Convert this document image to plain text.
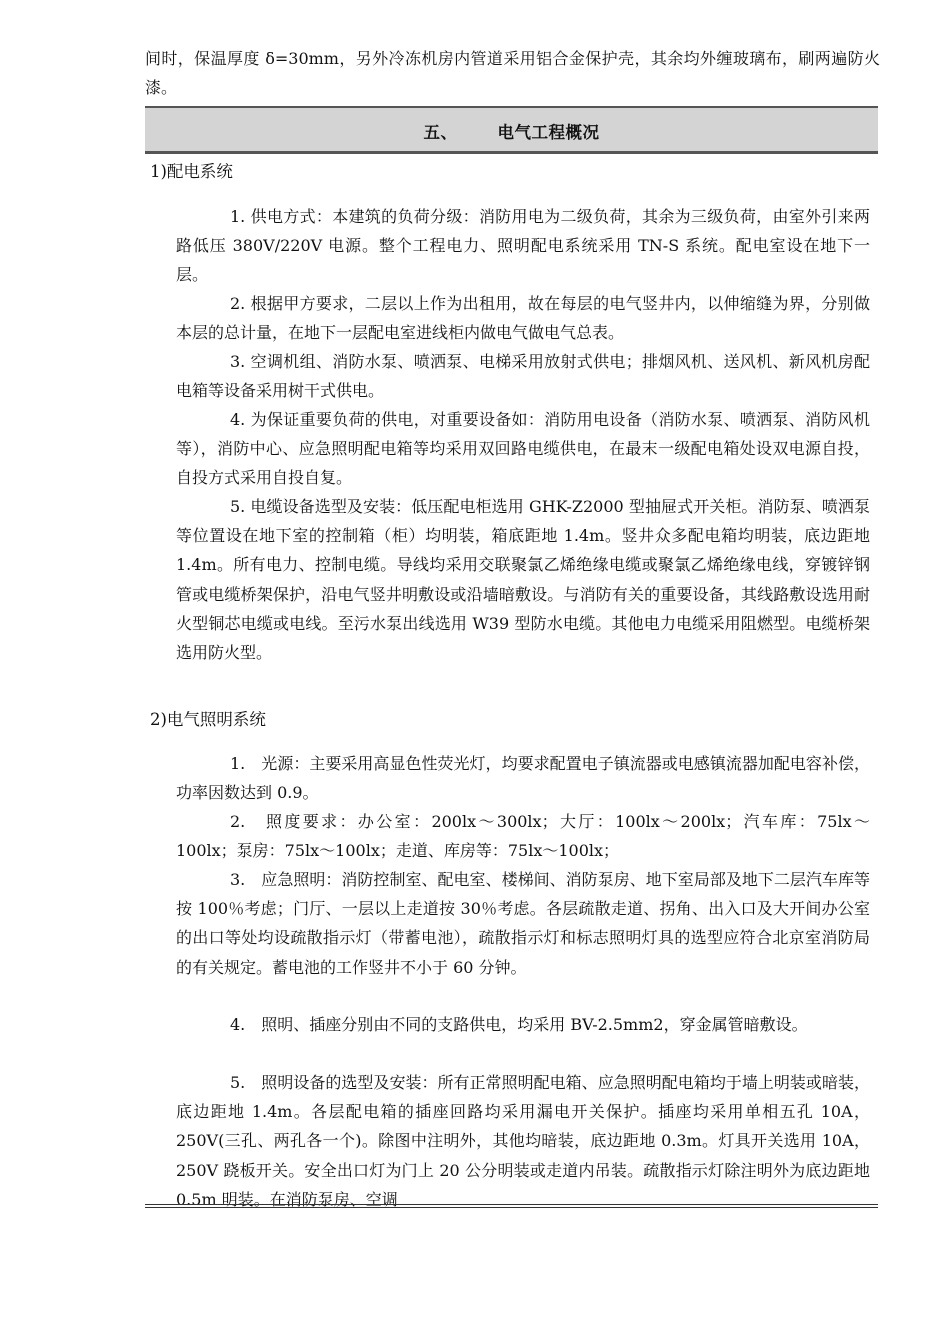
间时，保温厚度 δ=30mm，另外冷冻机房内管道采用铝合金保护壳，其余均外缠玻璃布，刷两遍防火漆。

五、 电气工程概况

1)配电系统

1. 供电方式：本建筑的负荷分级：消防用电为二级负荷，其余为三级负荷，由室外引来两路低压 380V/220V 电源。整个工程电力、照明配电系统采用 TN-S 系统。配电室设在地下一层。

2. 根据甲方要求，二层以上作为出租用，故在每层的电气竖井内，以伸缩缝为界，分别做本层的总计量，在地下一层配电室进线柜内做电气做电气总表。

3. 空调机组、消防水泵、喷洒泵、电梯采用放射式供电；排烟风机、送风机、新风机房配电箱等设备采用树干式供电。

4. 为保证重要负荷的供电，对重要设备如：消防用电设备（消防水泵、喷洒泵、消防风机等），消防中心、应急照明配电箱等均采用双回路电缆供电，在最末一级配电箱处设双电源自投，自投方式采用自投自复。

5. 电缆设备选型及安装：低压配电柜选用 GHK-Z2000 型抽屉式开关柜。消防泵、喷洒泵等位置设在地下室的控制箱（柜）均明装，箱底距地 1.4m。竖井众多配电箱均明装，底边距地 1.4m。所有电力、控制电缆。导线均采用交联聚氯乙烯绝缘电缆或聚氯乙烯绝缘电线，穿镀锌钢管或电缆桥架保护，沿电气竖井明敷设或沿墙暗敷设。与消防有关的重要设备，其线路敷设选用耐火型铜芯电缆或电线。至污水泵出线选用 W39 型防水电缆。其他电力电缆采用阻燃型。电缆桥架选用防火型。

2)电气照明系统

1.　光源：主要采用高显色性荧光灯，均要求配置电子镇流器或电感镇流器加配电容补偿，功率因数达到 0.9。

2.　照度要求：办公室：200lx～300lx；大厅：100lx～200lx；汽车库：75lx～100lx；泵房：75lx～100lx；走道、库房等：75lx～100lx；

3.　应急照明：消防控制室、配电室、楼梯间、消防泵房、地下室局部及地下二层汽车库等按 100％考虑；门厅、一层以上走道按 30％考虑。各层疏散走道、拐角、出入口及大开间办公室的出口等处均设疏散指示灯（带蓄电池），疏散指示灯和标志照明灯具的选型应符合北京室消防局的有关规定。蓄电池的工作竖井不小于 60 分钟。

4.　照明、插座分别由不同的支路供电，均采用 BV-2.5mm2，穿金属管暗敷设。

5.　照明设备的选型及安装：所有正常照明配电箱、应急照明配电箱均于墙上明装或暗装，底边距地 1.4m。各层配电箱的插座回路均采用漏电开关保护。插座均采用单相五孔 10A，250V(三孔、两孔各一个)。除图中注明外，其他均暗装，底边距地 0.3m。灯具开关选用 10A，250V 跷板开关。安全出口灯为门上 20 公分明装或走道内吊装。疏散指示灯除注明外为底边距地 0.5m 明装。在消防泵房、空调
